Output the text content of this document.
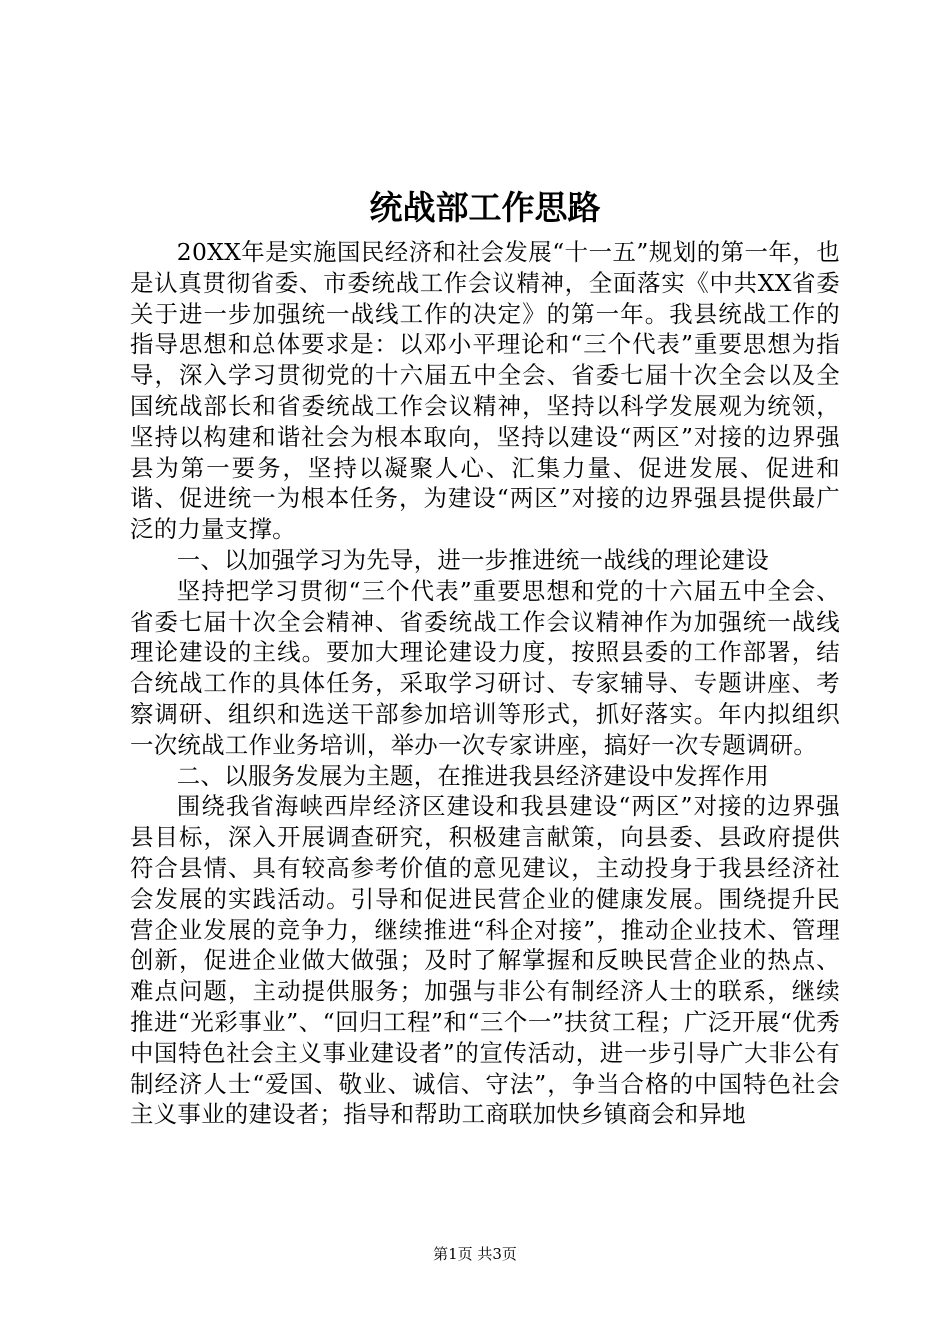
统战部工作思路

20XX年是实施国民经济和社会发展“十一五”规划的第一年，也是认真贯彻省委、市委统战工作会议精神，全面落实《中共XX省委关于进一步加强统一战线工作的决定》的第一年。我县统战工作的指导思想和总体要求是：以邓小平理论和“三个代表”重要思想为指导，深入学习贯彻党的十六届五中全会、省委七届十次全会以及全国统战部长和省委统战工作会议精神，坚持以科学发展观为统领，坚持以构建和谐社会为根本取向，坚持以建设“两区”对接的边界强县为第一要务，坚持以凝聚人心、汇集力量、促进发展、促进和谐、促进统一为根本任务，为建设“两区”对接的边界强县提供最广泛的力量支撑。

一、以加强学习为先导，进一步推进统一战线的理论建设

坚持把学习贯彻“三个代表”重要思想和党的十六届五中全会、省委七届十次全会精神、省委统战工作会议精神作为加强统一战线理论建设的主线。要加大理论建设力度，按照县委的工作部署，结合统战工作的具体任务，采取学习研讨、专家辅导、专题讲座、考察调研、组织和选送干部参加培训等形式，抓好落实。年内拟组织一次统战工作业务培训，举办一次专家讲座，搞好一次专题调研。

二、以服务发展为主题，在推进我县经济建设中发挥作用

围绕我省海峡西岸经济区建设和我县建设“两区”对接的边界强县目标，深入开展调查研究，积极建言献策，向县委、县政府提供符合县情、具有较高参考价值的意见建议，主动投身于我县经济社会发展的实践活动。引导和促进民营企业的健康发展。围绕提升民营企业发展的竞争力，继续推进“科企对接”，推动企业技术、管理创新，促进企业做大做强；及时了解掌握和反映民营企业的热点、难点问题，主动提供服务；加强与非公有制经济人士的联系，继续推进“光彩事业”、“回归工程”和“三个一”扶贫工程；广泛开展“优秀中国特色社会主义事业建设者”的宣传活动，进一步引导广大非公有制经济人士“爱国、敬业、诚信、守法”，争当合格的中国特色社会主义事业的建设者；指导和帮助工商联加快乡镇商会和异地

第1页 共3页
